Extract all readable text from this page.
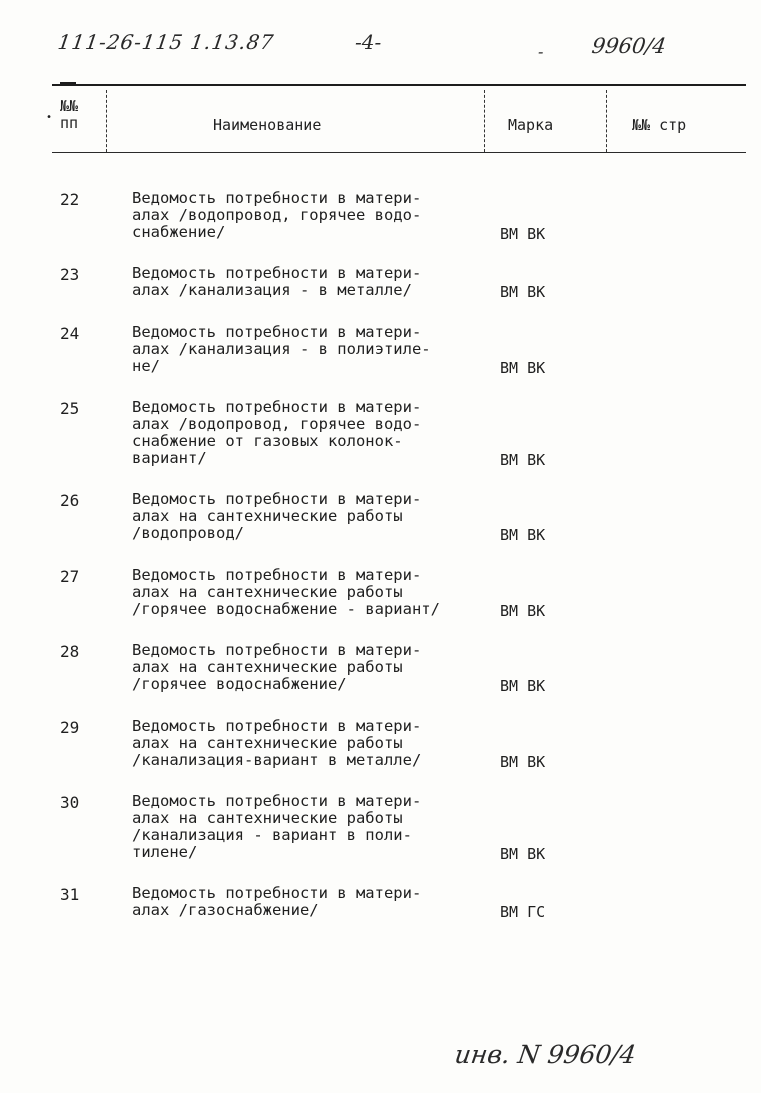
111-26-115 1.13.87	-4-	- 9960/4
•
№№
пп	Наименование	Марка	№№ стр
22	Ведомость потребности в матери-
алах /водопровод, горячее водо-
снабжение/	ВМ ВК
23	Ведомость потребности в матери-
алах /канализация - в металле/	ВМ ВК
24	Ведомость потребности в матери-
алах /канализация - в полиэтиле-
не/	ВМ ВК
25	Ведомость потребности в матери-
алах /водопровод, горячее водо-
снабжение от газовых колонок-
вариант/	ВМ ВК
26	Ведомость потребности в матери-
алах на сантехнические работы
/водопровод/	ВМ ВК
27	Ведомость потребности в матери-
алах на сантехнические работы
/горячее водоснабжение - вариант/	ВМ ВК
28	Ведомость потребности в матери-
алах на сантехнические работы
/горячее водоснабжение/	ВМ ВК
29	Ведомость потребности в матери-
алах на сантехнические работы
/канализация-вариант в металле/	ВМ ВК
30	Ведомость потребности в матери-
алах на сантехнические работы
/канализация - вариант в поли-
тилене/	ВМ ВК
31	Ведомость потребности в матери-
алах /газоснабжение/	ВМ ГС
инв. N 9960/4
